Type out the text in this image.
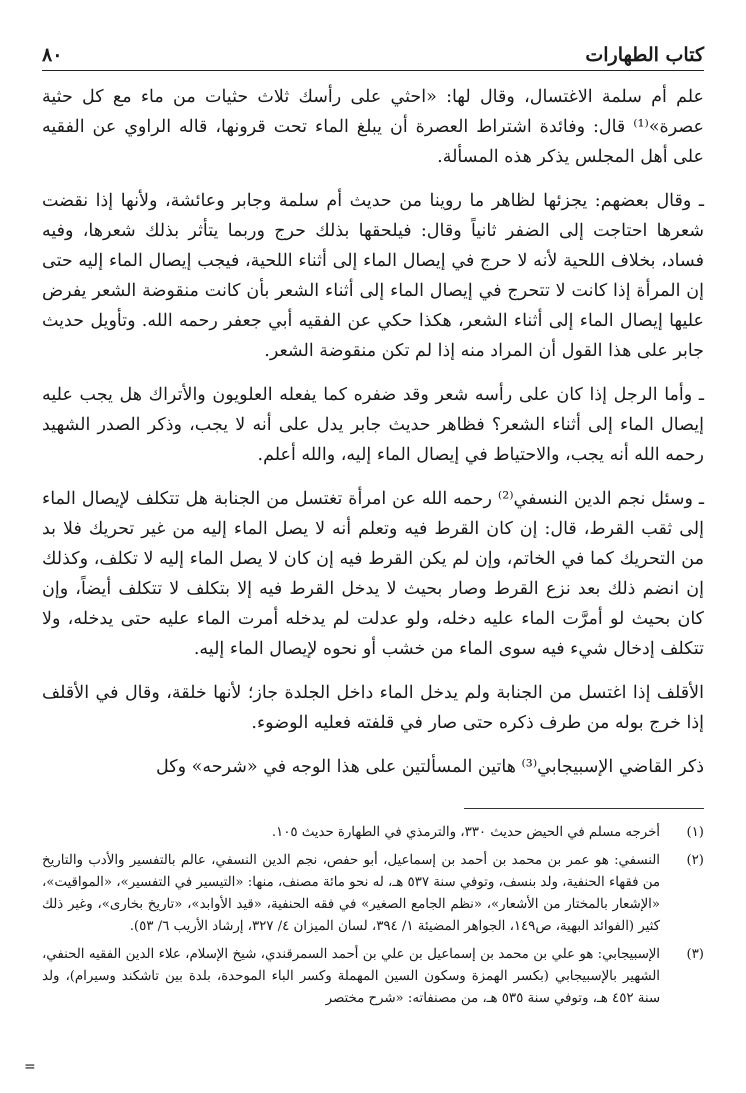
كتاب الطهارات
٨٠

علم أم سلمة الاغتسال، وقال لها: «احثي على رأسك ثلاث حثيات من ماء مع كل حثية عصرة»⁽¹⁾ قال: وفائدة اشتراط العصرة أن يبلغ الماء تحت قرونها، قاله الراوي عن الفقيه على أهل المجلس يذكر هذه المسألة.

ـ وقال بعضهم: يجزئها لظاهر ما روينا من حديث أم سلمة وجابر وعائشة، ولأنها إذا نقضت شعرها احتاجت إلى الضفر ثانياً وقال: فيلحقها بذلك حرج وربما يتأثر بذلك شعرها، وفيه فساد، بخلاف اللحية لأنه لا حرج في إيصال الماء إلى أثناء اللحية، فيجب إيصال الماء إليه حتى إن المرأة إذا كانت لا تتحرج في إيصال الماء إلى أثناء الشعر بأن كانت منقوضة الشعر يفرض عليها إيصال الماء إلى أثناء الشعر، هكذا حكي عن الفقيه أبي جعفر رحمه الله. وتأويل حديث جابر على هذا القول أن المراد منه إذا لم تكن منقوضة الشعر.

ـ وأما الرجل إذا كان على رأسه شعر وقد ضفره كما يفعله العلويون والأتراك هل يجب عليه إيصال الماء إلى أثناء الشعر؟ فظاهر حديث جابر يدل على أنه لا يجب، وذكر الصدر الشهيد رحمه الله أنه يجب، والاحتياط في إيصال الماء إليه، والله أعلم.

ـ وسئل نجم الدين النسفي⁽²⁾ رحمه الله عن امرأة تغتسل من الجنابة هل تتكلف لإيصال الماء إلى ثقب القرط، قال: إن كان القرط فيه وتعلم أنه لا يصل الماء إليه من غير تحريك فلا بد من التحريك كما في الخاتم، وإن لم يكن القرط فيه إن كان لا يصل الماء إليه لا تكلف، وكذلك إن انضم ذلك بعد نزع القرط وصار بحيث لا يدخل القرط فيه إلا بتكلف لا تتكلف أيضاً، وإن كان بحيث لو أمرَّت الماء عليه دخله، ولو عدلت لم يدخله أمرت الماء عليه حتى يدخله، ولا تتكلف إدخال شيء فيه سوى الماء من خشب أو نحوه لإيصال الماء إليه.

الأقلف إذا اغتسل من الجنابة ولم يدخل الماء داخل الجلدة جاز؛ لأنها خلقة، وقال في الأقلف إذا خرج بوله من طرف ذكره حتى صار في قلفته فعليه الوضوء.

ذكر القاضي الإسبيجابي⁽³⁾ هاتين المسألتين على هذا الوجه في «شرحه» وكل

(١)
أخرجه مسلم في الحيض حديث ٣٣٠، والترمذي في الطهارة حديث ١٠٥.
(٢)
النسفي: هو عمر بن محمد بن أحمد بن إسماعيل، أبو حفص، نجم الدين النسفي، عالم بالتفسير والأدب والتاريخ من فقهاء الحنفية، ولد بنسف، وتوفي سنة ٥٣٧ هـ، له نحو مائة مصنف، منها: «التيسير في التفسير»، «المواقيت»، «الإشعار بالمختار من الأشعار»، «نظم الجامع الصغير» في فقه الحنفية، «قيد الأوابد»، «تاريخ بخارى»، وغير ذلك كثير (الفوائد البهية، ص١٤٩، الجواهر المضيئة ١/ ٣٩٤، لسان الميزان ٤/ ٣٢٧، إرشاد الأريب ٦/ ٥٣).
(٣)
الإسبيجابي: هو علي بن محمد بن إسماعيل بن علي بن أحمد السمرقندي، شيخ الإسلام، علاء الدين الفقيه الحنفي، الشهير بالإسبيجابي (بكسر الهمزة وسكون السين المهملة وكسر الباء الموحدة، بلدة بين تاشكند وسيرام)، ولد سنة ٤٥٢ هـ، وتوفي سنة ٥٣٥ هـ، من مصنفاته: «شرح مختصر
=
